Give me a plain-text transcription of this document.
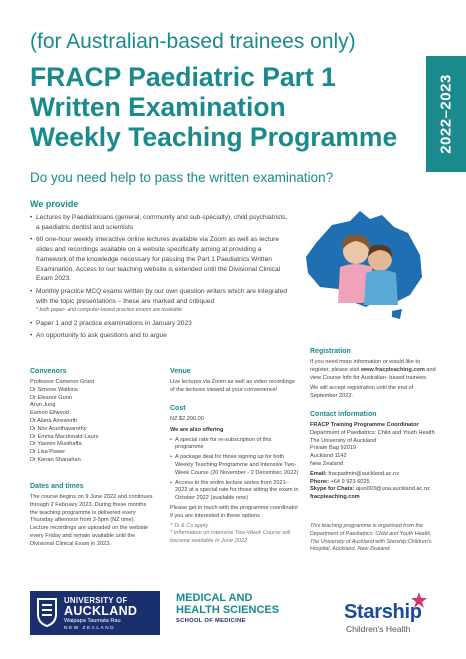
2022–2023
(for Australian-based trainees only)
FRACP Paediatric Part 1
Written Examination
Weekly Teaching Programme
Do you need help to pass the written examination?
We provide
• Lectures by Paediatricians (general, community and sub-specialty), child psychiatrists, a paediatric dentist and scientists
• 60 one-hour weekly interactive online lectures available via Zoom as well as lecture slides and recordings available on a website specifically aiming at providing a framework of the knowledge necessary for passing the Part 1 Paediatrics Written Examination. Access to our teaching website is extended until the Divisional Clinical Exam 2023.
• Monthly practice MCQ exams written by our own question writers which are integrated with the topic presentations – these are marked and critiqued
* both paper- and computer-based practice exams are available
• Paper 1 and 2 practice examinations in January 2023
• An opportunity to ask questions and to argue
Convenors
Professor Cameron Grant
Dr Simone Watkins
Dr Eleanor Gunn
Arun Jung
Eamon Ellwood
Dr Alana Ainsworth
Dr Nov Arunthavarothy
Dr Emma Macdonald-Laurs
Dr Yasmin Musthaffa
Dr Lisa Power
Dr Kieran Shanahan
Dates and times
The course begins on 9 June 2022 and continues through 2 February 2023. During these months the teaching programme is delivered every Thursday afternoon from 3-5pm (NZ time). Lecture recordings are uploaded on the website every Friday and remain available until the Divisional Clinical Exam in 2023.
Venue
Live lectures via Zoom as well as video recordings of the lectures viewed at your convenience!
Cost
NZ $2,200.00
We are also offering
• A special rate for re-subscription of this programme
• A package deal for those signing up for both Weekly Teaching Programme and Intensive Two-Week Course (20 November - 2 December, 2022)
• Access to the entire lecture series from 2021–2022 at a special rate for those sitting the exam in October 2022 (available now)
Please get in touch with the programme coordinator if you are interested in these options
* Ts & Cs apply
* Information on Intensive Two-Week Course will become available in June 2022
Registration
If you need more information or would like to register, please visit www.fracpteaching.com and view Course Info for Australian- based trainees.
We will accept registration until the end of September 2022.
Contact information
FRACP Training Programme Coordinator
Department of Paediatrics: Child and Youth Health
The University of Auckland
Private Bag 92019
Auckland 1142
New Zealand
Email: fracpadmin@auckland.ac.nz
Phone: +64 9 923 6025
Skype for Chats: ajun003@uoa.auckland.ac.nz
fracpteaching.com
This teaching programme is organised from the Department of Paediatrics: Child and Youth Health, The University of Auckland with Starship Children's Hospital, Auckland, New Zealand.
UNIVERSITY OF
AUCKLAND
Waipapa Taumata Rau
NEW ZEALAND
MEDICAL AND
HEALTH SCIENCES
SCHOOL OF MEDICINE	Starship
Children's Health
